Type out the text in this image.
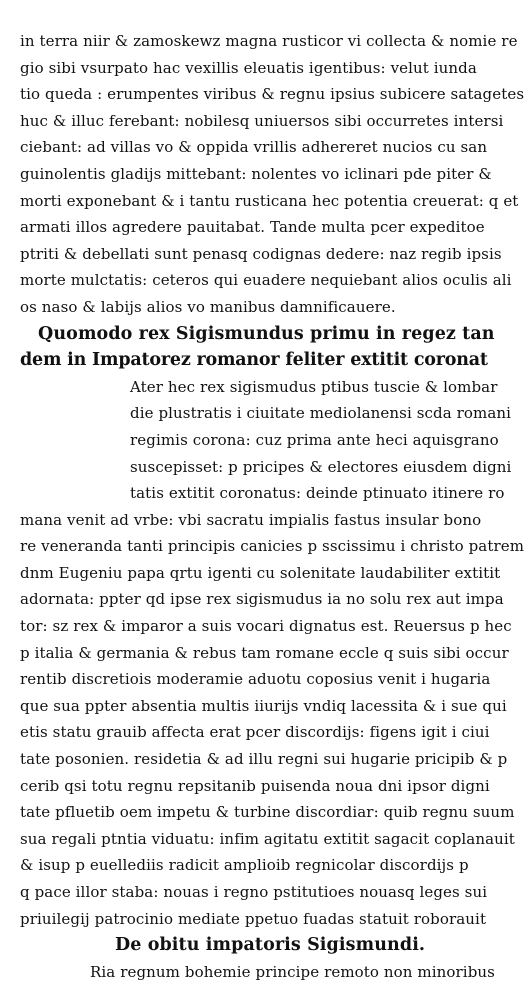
in terra niir & zamoskewz magna rusticor vi collecta & nomie re
gio sibi vsurpato hac vexillis eleuatis igentibus: velut iunda
tio queda : erumpentes viribus & regnu ipsius subicere satagetes
huc & illuc ferebant: nobilesq uniuersos sibi occurretes intersi
ciebant: ad villas vo & oppida vrillis adhereret nucios cu san
guinolentis gladijs mittebant: nolentes vo iclinari pde piter &
morti exponebant & i tantu rusticana hec potentia creuerat: q et
armati illos agredere pauitabat. Tande multa pcer expeditoe
ptriti & debellati sunt penasq codignas dedere: naz regib ipsis
morte mulctatis: ceteros qui euadere nequiebant alios oculis ali
os naso & labijs alios vo manibus damnificauere.
Quomodo rex Sigismundus primu in regez tan
dem in Impatorez romanor feliter extitit coronat
Ater hec rex sigismudus ptibus tuscie & lombar
die plustratis i ciuitate mediolanensi scda romani
regimis corona: cuz prima ante heci aquisgrano
suscepisset: p pricipes & electores eiusdem digni
tatis extitit coronatus: deinde ptinuato itinere ro
mana venit ad vrbe: vbi sacratu impialis fastus insular bono
re veneranda tanti principis canicies p sscissimu i christo patrem
dnm Eugeniu papa qrtu igenti cu solenitate laudabiliter extitit
adornata: ppter qd ipse rex sigismudus ia no solu rex aut impa
tor: sz rex & imparor a suis vocari dignatus est. Reuersus p hec
p italia & germania & rebus tam romane eccle q suis sibi occur
rentib discretiois moderamie aduotu coposius venit i hugaria
que sua ppter absentia multis iiurijs vndiq lacessita & i sue qui
etis statu grauib affecta erat pcer discordijs: figens igit i ciui
tate posonien. residetia & ad illu regni sui hugarie pricipib & p
cerib qsi totu regnu repsitanib puisenda noua dni ipsor digni
tate pfluetib oem impetu & turbine discordiar: quib regnu suum
sua regali ptntia viduatu: infim agitatu extitit sagacit coplanauit
& isup p euellediis radicit amplioib regnicolar discordijs p
q pace illor staba: nouas i regno pstitutioes nouasq leges sui
priuilegij patrocinio mediate ppetuo fuadas statuit roborauit
De obitu impatoris Sigismundi.
Ria regnum bohemie principe remoto non minoribus
